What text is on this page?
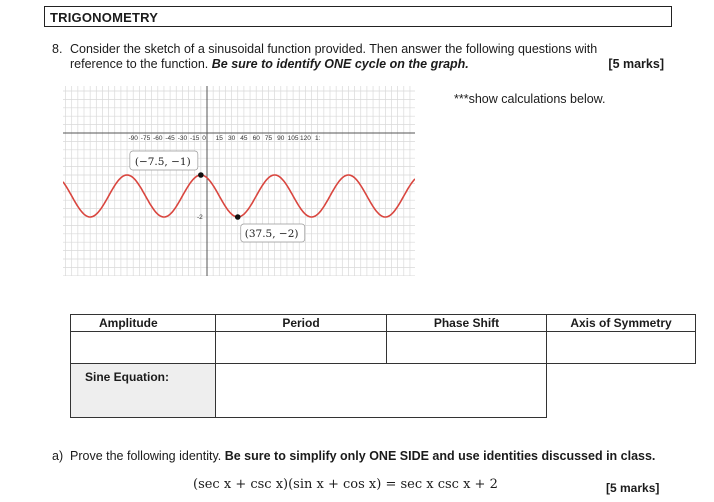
TRIGONOMETRY
8. Consider the sketch of a sinusoidal function provided. Then answer the following questions with
reference to the function. Be sure to identify ONE cycle on the graph.	[5 marks]
***show calculations below.
-90 -75 -60 -45 -30 -15 0 15 30 45 60 75 90 105 120 1:
-2
(−7.5, −1)
(37.5, −2)
Amplitude	Period	Phase Shift	Axis of Symmetry

Sine Equation:			
a) Prove the following identity. Be sure to simplify only ONE SIDE and use identities discussed in class.
(sec x + csc x)(sin x + cos x) = sec x csc x + 2	[5 marks]
